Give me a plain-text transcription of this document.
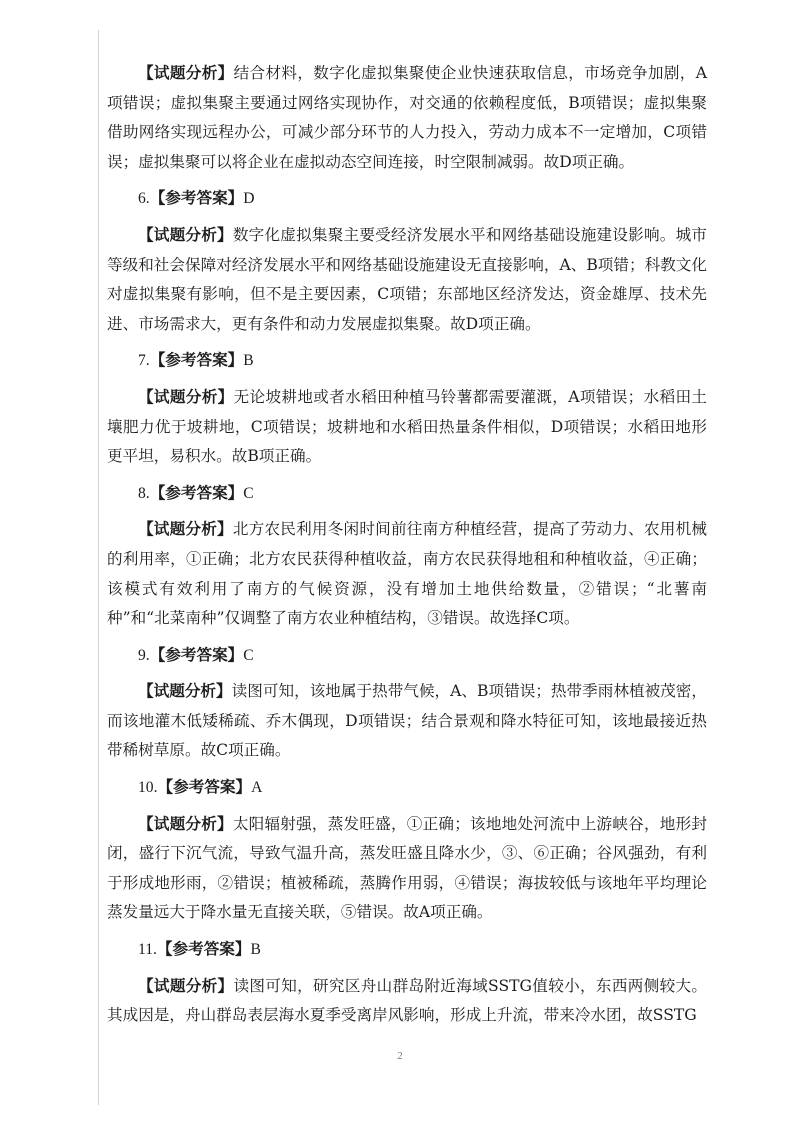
【试题分析】结合材料，数字化虚拟集聚使企业快速获取信息，市场竞争加剧，A项错误；虚拟集聚主要通过网络实现协作，对交通的依赖程度低，B项错误；虚拟集聚借助网络实现远程办公，可减少部分环节的人力投入，劳动力成本不一定增加，C项错误；虚拟集聚可以将企业在虚拟动态空间连接，时空限制减弱。故D项正确。

6.【参考答案】D

【试题分析】数字化虚拟集聚主要受经济发展水平和网络基础设施建设影响。城市等级和社会保障对经济发展水平和网络基础设施建设无直接影响，A、B项错；科教文化对虚拟集聚有影响，但不是主要因素，C项错；东部地区经济发达，资金雄厚、技术先进、市场需求大，更有条件和动力发展虚拟集聚。故D项正确。

7.【参考答案】B

【试题分析】无论坡耕地或者水稻田种植马铃薯都需要灌溉，A项错误；水稻田土壤肥力优于坡耕地，C项错误；坡耕地和水稻田热量条件相似，D项错误；水稻田地形更平坦，易积水。故B项正确。

8.【参考答案】C

【试题分析】北方农民利用冬闲时间前往南方种植经营，提高了劳动力、农用机械的利用率，①正确；北方农民获得种植收益，南方农民获得地租和种植收益，④正确；该模式有效利用了南方的气候资源，没有增加土地供给数量，②错误；“北薯南种”和“北菜南种”仅调整了南方农业种植结构，③错误。故选择C项。

9.【参考答案】C

【试题分析】读图可知，该地属于热带气候，A、B项错误；热带季雨林植被茂密，而该地灌木低矮稀疏、乔木偶现，D项错误；结合景观和降水特征可知，该地最接近热带稀树草原。故C项正确。

10.【参考答案】A

【试题分析】太阳辐射强，蒸发旺盛，①正确；该地地处河流中上游峡谷，地形封闭，盛行下沉气流，导致气温升高，蒸发旺盛且降水少，③、⑥正确；谷风强劲，有利于形成地形雨，②错误；植被稀疏，蒸腾作用弱，④错误；海拔较低与该地年平均理论蒸发量远大于降水量无直接关联，⑤错误。故A项正确。

11.【参考答案】B

【试题分析】读图可知，研究区舟山群岛附近海域SSTG值较小，东西两侧较大。其成因是，舟山群岛表层海水夏季受离岸风影响，形成上升流，带来冷水团，故SSTG

2
